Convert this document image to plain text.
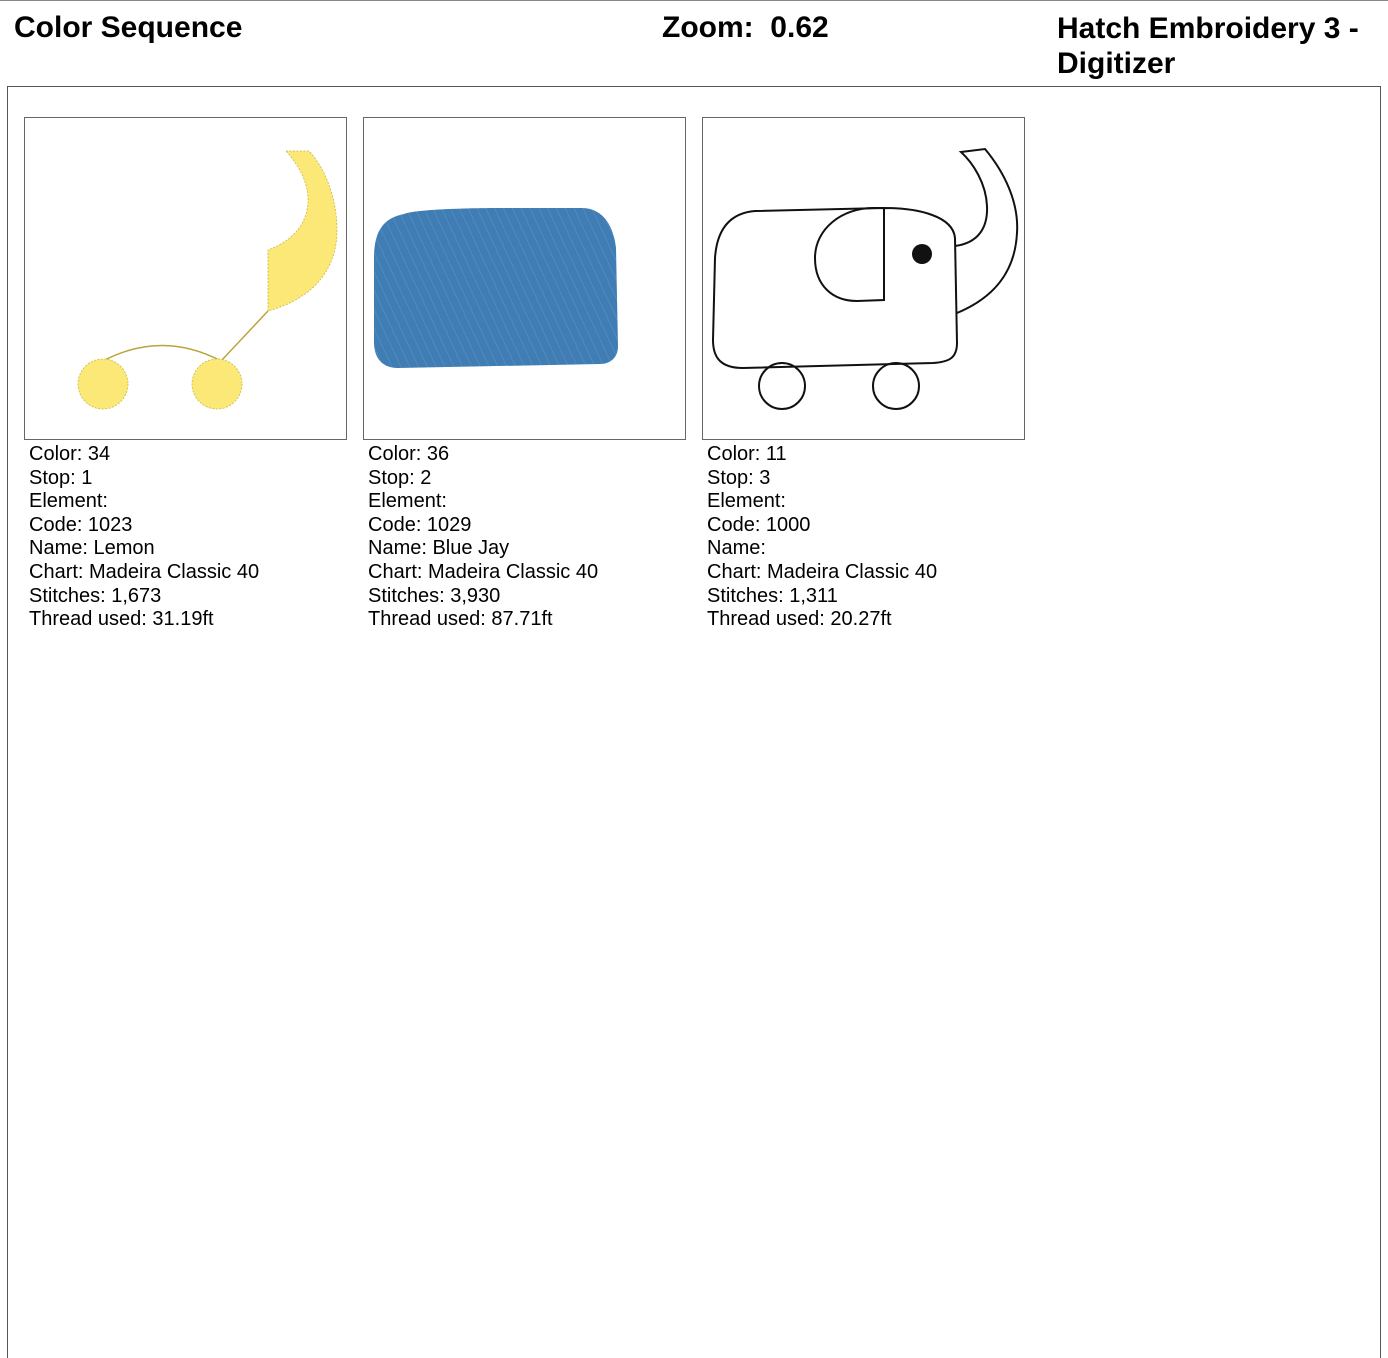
Color Sequence	Zoom:  0.62	Hatch Embroidery 3 - Digitizer
Color: 34
Stop: 1
Element:
Code: 1023
Name: Lemon
Chart: Madeira Classic 40
Stitches: 1,673
Thread used: 31.19ft
Color: 36
Stop: 2
Element:
Code: 1029
Name: Blue Jay
Chart: Madeira Classic 40
Stitches: 3,930
Thread used: 87.71ft
Color: 11
Stop: 3
Element:
Code: 1000
Name:
Chart: Madeira Classic 40
Stitches: 1,311
Thread used: 20.27ft
